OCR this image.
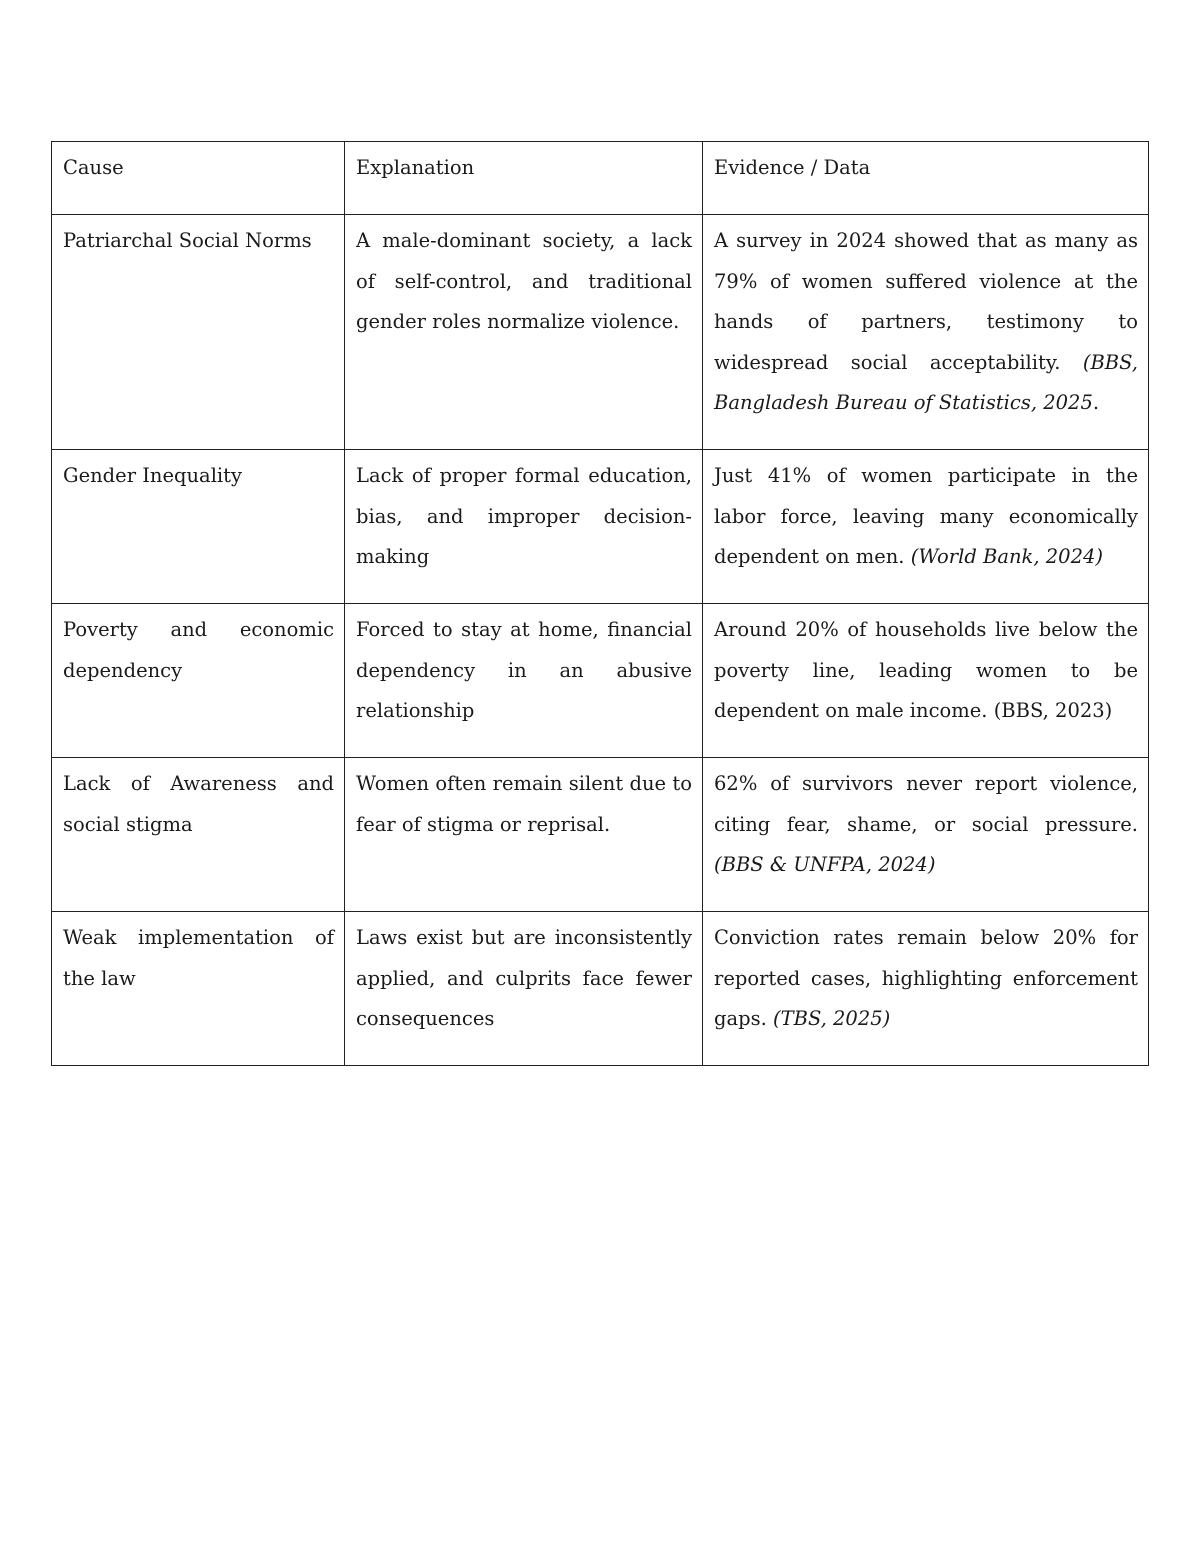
Cause	Explanation	Evidence / Data
Patriarchal Social Norms	A male-dominant society, a lack of self-control, and traditional gender roles normalize violence.	A survey in 2024 showed that as many as 79% of women suffered violence at the hands of partners, testimony to widespread social acceptability. (BBS, Bangladesh Bureau of Statistics, 2025.
Gender Inequality	Lack of proper formal education, bias, and improper decision-making	Just 41% of women participate in the labor force, leaving many economically dependent on men. (World Bank, 2024)
Poverty and economic dependency	Forced to stay at home, financial dependency in an abusive relationship	Around 20% of households live below the poverty line, leading women to be dependent on male income. (BBS, 2023)
Lack of Awareness and social stigma	Women often remain silent due to fear of stigma or reprisal.	62% of survivors never report violence, citing fear, shame, or social pressure. (BBS & UNFPA, 2024)
Weak implementation of the law	Laws exist but are inconsistently applied, and culprits face fewer consequences	Conviction rates remain below 20% for reported cases, highlighting enforcement gaps. (TBS, 2025)
